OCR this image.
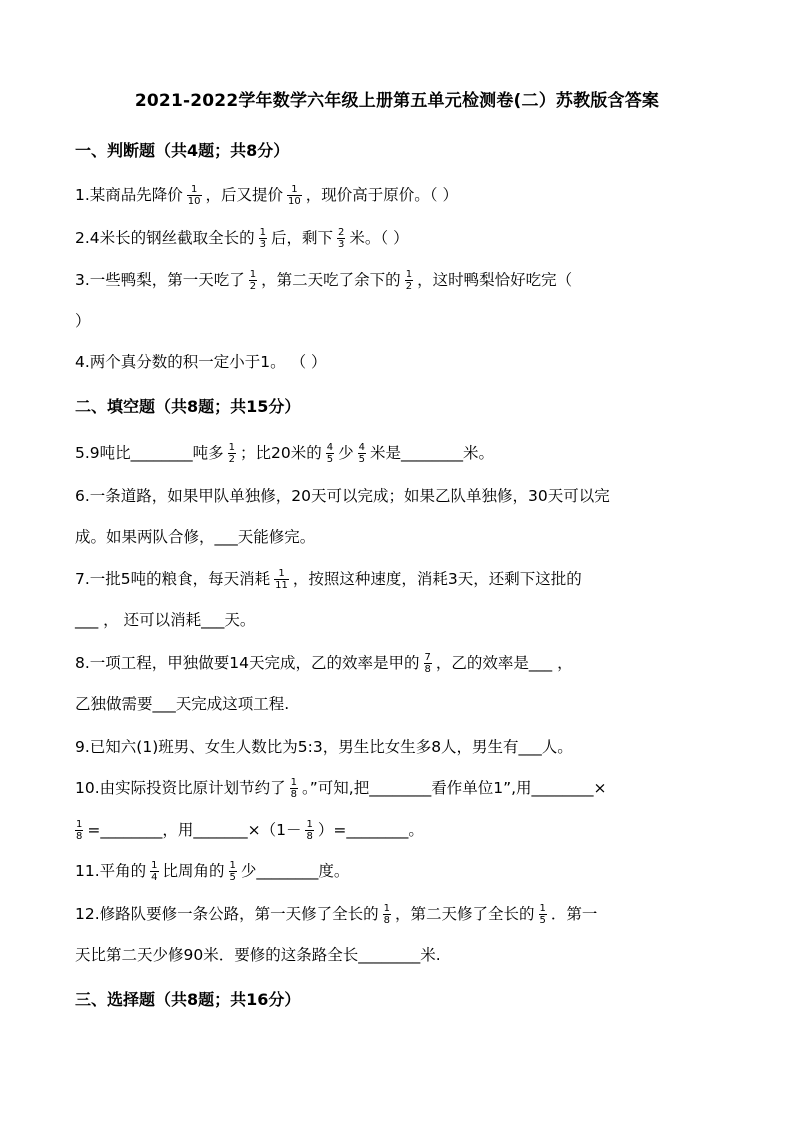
2021-2022学年数学六年级上册第五单元检测卷(二）苏教版含答案
一、判断题（共4题；共8分）
1.某商品先降价 $\frac{1}{10}$ ，后又提价 $\frac{1}{10}$ ，现价高于原价。（ ）
2.4米长的钢丝截取全长的 $\frac{1}{3}$ 后，剩下 $\frac{2}{3}$ 米。（ ）
3.一些鸭梨，第一天吃了 $\frac{1}{2}$ ，第二天吃了余下的 $\frac{1}{2}$ ，这时鸭梨恰好吃完（
）
4.两个真分数的积一定小于1。 （ ）
二、填空题（共8题；共15分）
5.9吨比________吨多 $\frac{1}{2}$ ；比20米的 $\frac{4}{5}$ 少 $\frac{4}{5}$ 米是________米。
6.一条道路，如果甲队单独修，20天可以完成；如果乙队单独修，30天可以完
成。如果两队合修，___天能修完。
7.一批5吨的粮食，每天消耗 $\frac{1}{11}$ ，按照这种速度，消耗3天，还剩下这批的
___ ， 还可以消耗___天。
8.一项工程，甲独做要14天完成，乙的效率是甲的 $\frac{7}{8}$ ，乙的效率是___ ，
乙独做需要___天完成这项工程.
9.已知六(1)班男、女生人数比为5:3，男生比女生多8人，男生有___人。
10.由实际投资比原计划节约了 $\frac{1}{8}$ 。”可知,把________看作单位1”,用________×
$\frac{1}{8}$ =________，用_______×（1－ $\frac{1}{8}$ ）=________。
11.平角的 $\frac{1}{4}$ 比周角的 $\frac{1}{5}$ 少________度。
12.修路队要修一条公路，第一天修了全长的 $\frac{1}{8}$ ，第二天修了全长的 $\frac{1}{5}$ ．第一
天比第二天少修90米．要修的这条路全长________米.
三、选择题（共8题；共16分）
